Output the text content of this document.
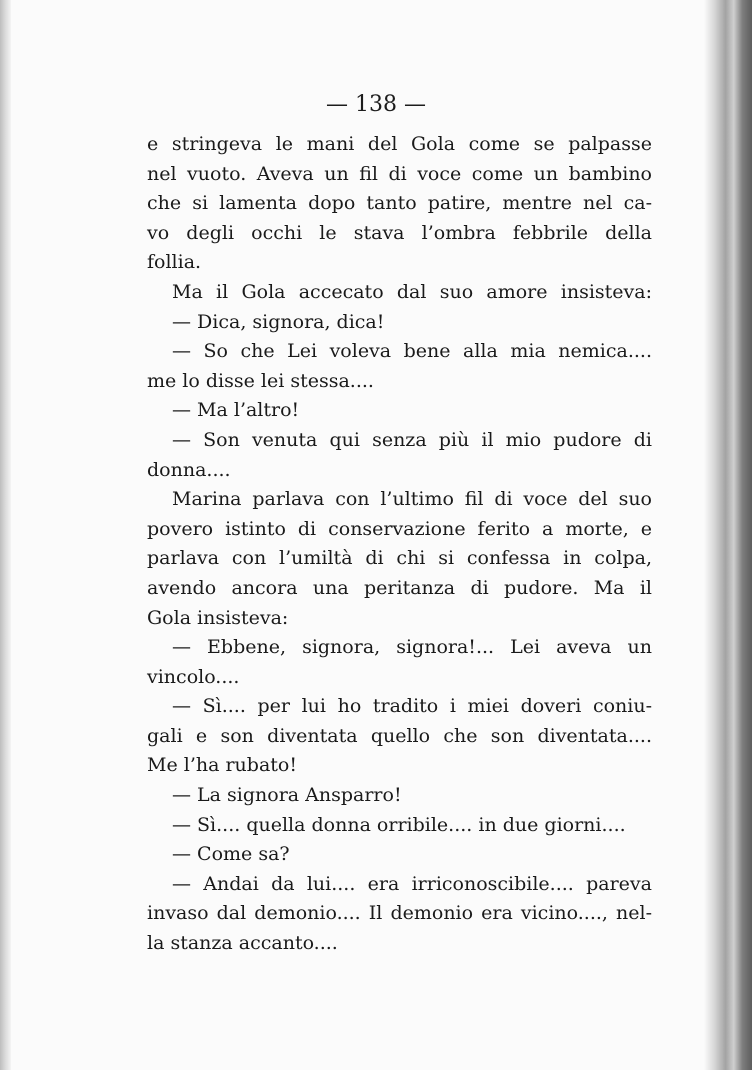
— 138 —
e stringeva le mani del Gola come se palpasse
nel vuoto. Aveva un fil di voce come un bambino
che si lamenta dopo tanto patire, mentre nel ca-
vo degli occhi le stava l’ombra febbrile della
follia.
Ma il Gola accecato dal suo amore insisteva:
— Dica, signora, dica!
— So che Lei voleva bene alla mia nemica....
me lo disse lei stessa....
— Ma l’altro!
— Son venuta qui senza più il mio pudore di
donna....
Marina parlava con l’ultimo fil di voce del suo
povero istinto di conservazione ferito a morte, e
parlava con l’umiltà di chi si confessa in colpa,
avendo ancora una peritanza di pudore. Ma il
Gola insisteva:
— Ebbene, signora, signora!... Lei aveva un
vincolo....
— Sì.... per lui ho tradito i miei doveri coniu-
gali e son diventata quello che son diventata....
Me l’ha rubato!
— La signora Ansparro!
— Sì.... quella donna orribile.... in due giorni....
— Come sa?
— Andai da lui.... era irriconoscibile.... pareva
invaso dal demonio.... Il demonio era vicino...., nel-
la stanza accanto....
